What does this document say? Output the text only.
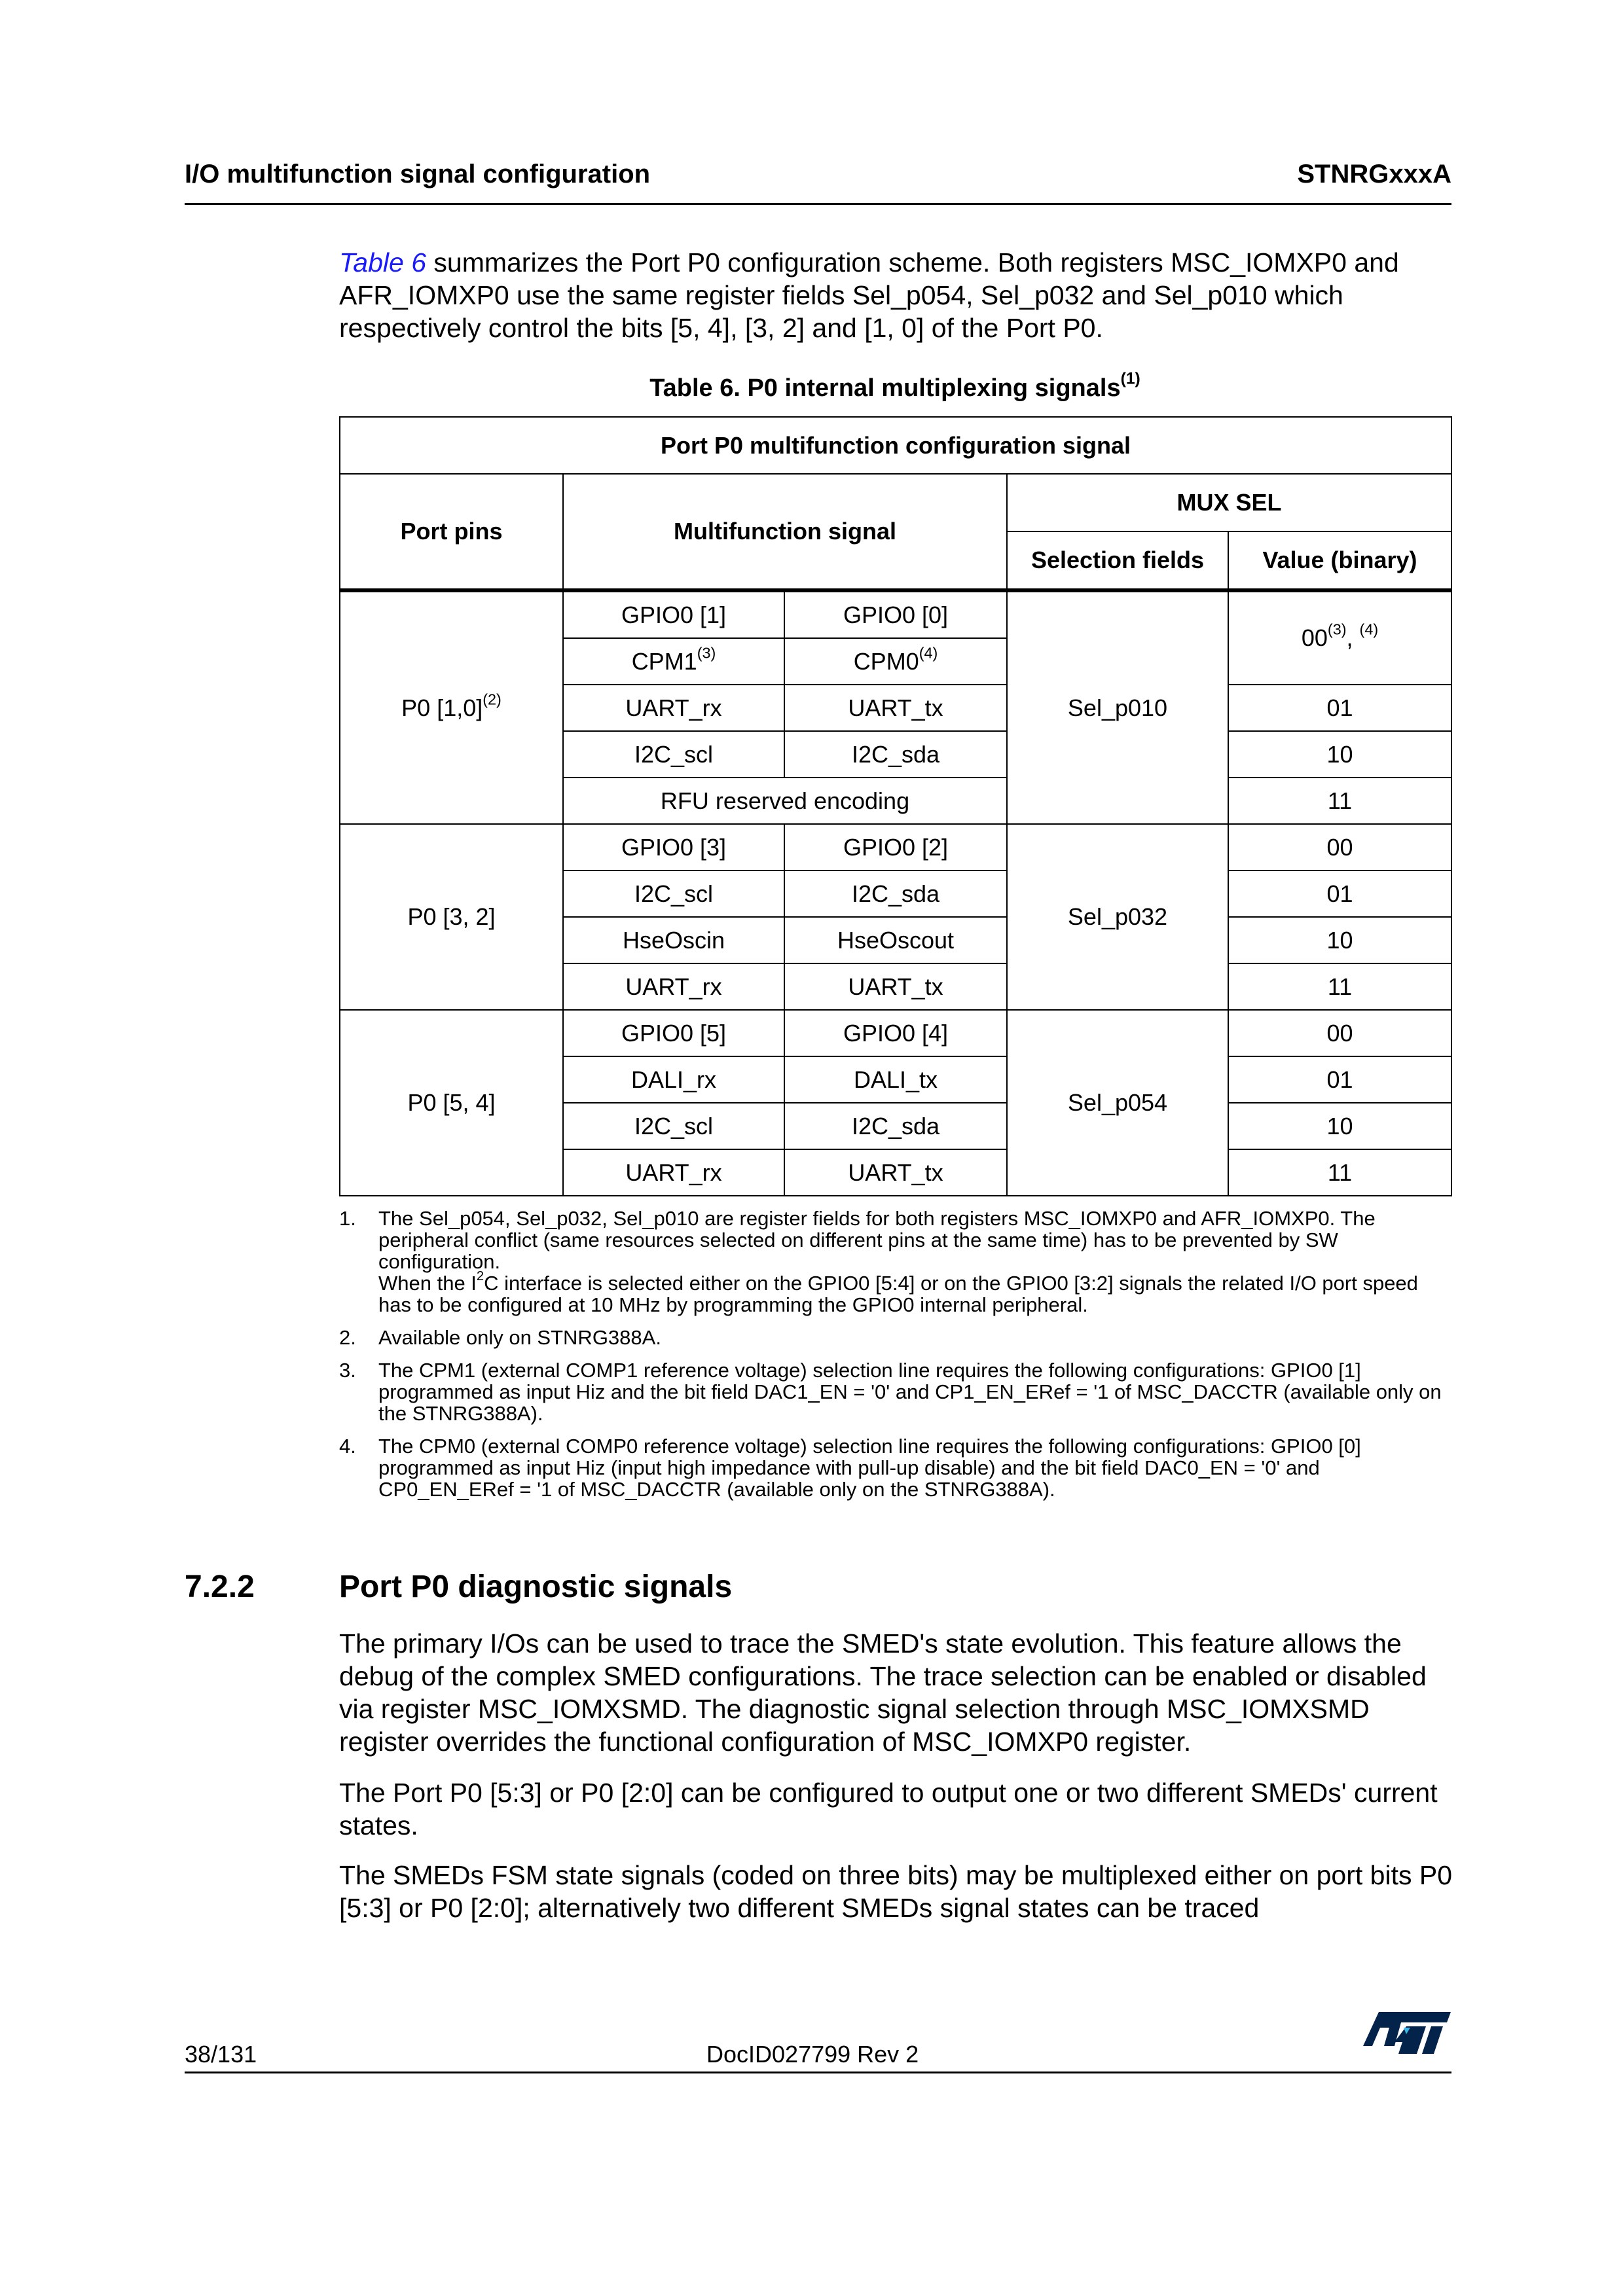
I/O multifunction signal configuration	STNRGxxxA
Table 6 summarizes the Port P0 configuration scheme. Both registers MSC_IOMXP0 and AFR_IOMXP0 use the same register fields Sel_p054, Sel_p032 and Sel_p010 which respectively control the bits [5, 4], [3, 2] and [1, 0] of the Port P0.
Table 6. P0 internal multiplexing signals$^{(1)}$
Port P0 multifunction configuration signal				
Port pins	Multifunction signal		MUX SEL	
			Selection fields	Value (binary)
P0 $[1,0]^{(2)}$	GPIO0 [1]	GPIO0 [0]	Sel_p010	00$^{(3)}$, $^{(4)}$
	CPM1$^{(3)}$	CPM0$^{(4)}$
	UART_rx	UART_tx		01
	I2C_scl	I2C_sda		10
	RFU reserved encoding			11
P0 [3, 2]	GPIO0 [3]	GPIO0 [2]	Sel_p032	00
	I2C_scl	I2C_sda		01
	HseOscin	HseOscout		10
	UART_rx	UART_tx		11
P0 [5, 4]	GPIO0 [5]	GPIO0 [4]	Sel_p054	00
	DALI_rx	DALI_tx		01
	I2C_scl	I2C_sda		10
	UART_rx	UART_tx		11
1. The Sel_p054, Sel_p032, Sel_p010 are register fields for both registers MSC_IOMXP0 and AFR_IOMXP0. The peripheral conflict (same resources selected on different pins at the same time) has to be prevented by SW configuration.
When the $I^2C$ interface is selected either on the GPIO0 [5:4] or on the GPIO0 [3:2] signals the related I/O port speed has to be configured at 10 MHz by programming the GPIO0 internal peripheral.
2. Available only on STNRG388A.
3. The CPM1 (external COMP1 reference voltage) selection line requires the following configurations: GPIO0 [1] programmed as input Hiz and the bit field DAC1_EN = '0' and CP1_EN_ERef = '1 of MSC_DACCTR (available only on the STNRG388A).
4. The CPM0 (external COMP0 reference voltage) selection line requires the following configurations: GPIO0 [0] programmed as input Hiz (input high impedance with pull-up disable) and the bit field DAC0_EN = '0' and CP0_EN_ERef = '1 of MSC_DACCTR (available only on the STNRG388A).
7.2.2	Port P0 diagnostic signals
The primary I/Os can be used to trace the SMED's state evolution. This feature allows the debug of the complex SMED configurations. The trace selection can be enabled or disabled via register MSC_IOMXSMD. The diagnostic signal selection through MSC_IOMXSMD register overrides the functional configuration of MSC_IOMXP0 register.
The Port P0 [5:3] or P0 [2:0] can be configured to output one or two different SMEDs' current states.
The SMEDs FSM state signals (coded on three bits) may be multiplexed either on port bits P0 [5:3] or P0 [2:0]; alternatively two different SMEDs signal states can be traced
38/131	DocID027799 Rev 2
